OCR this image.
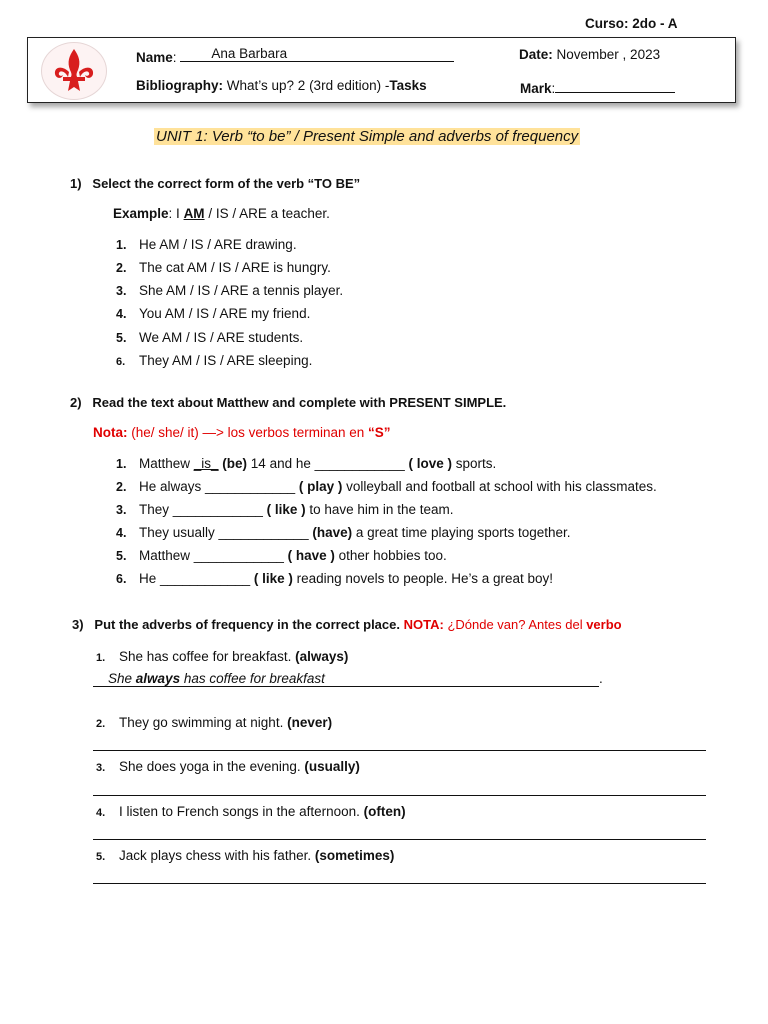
Curso: 2do - A
Name:	Ana Barbara	Date: November , 2023
Bibliography: What’s up? 2 (3rd edition) -Tasks	Mark:
UNIT 1: Verb “to be” / Present Simple and adverbs of frequency
1) Select the correct form of the verb “TO BE”
Example: I AM / IS / ARE a teacher.
1. He AM / IS / ARE drawing.
2. The cat AM / IS / ARE is hungry.
3. She AM / IS / ARE a tennis player.
4. You AM / IS / ARE my friend.
5. We AM / IS / ARE students.
6. They AM / IS / ARE sleeping.
2) Read the text about Matthew and complete with PRESENT SIMPLE.
Nota: (he/ she/ it) —> los verbos terminan en “S”
1. Matthew _is_ (be) 14 and he ____________ ( love ) sports.
2. He always ____________ ( play ) volleyball and football at school with his classmates.
3. They ____________ ( like ) to have him in the team.
4. They usually ____________ (have) a great time playing sports together.
5. Matthew ____________ ( have ) other hobbies too.
6. He ____________ ( like ) reading novels to people. He’s a great boy!
3) Put the adverbs of frequency in the correct place. NOTA: ¿Dónde van? Antes del verbo
1. She has coffee for breakfast. (always)
She always has coffee for breakfast	.
2. They go swimming at night. (never)
3. She does yoga in the evening. (usually)
4. I listen to French songs in the afternoon. (often)
5. Jack plays chess with his father. (sometimes)
